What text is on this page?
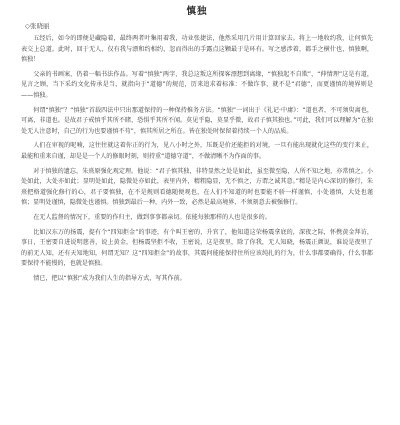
慎独
◇张晓丽

五经后，如今的即便是藏隐着，最终两者叶集用着我，功业张捷法，他然采用几片用计算回家去。将上一地收约我，让何慎先表交上总道。此时，回于无人，仅有我与漂和约相约，忽而得出的手露点这颗最于是环有。写之感涉着，都手之横什也，慎独啊，慎独！

父亲的书画案，仍着一幅书法作品。写着“慎独”两字，我总这叛这所探客漂想到离缘，“慎独起不自欺”，“伸情理”这是有道，见言之顾，当下采约文化传承是当，就指向于“道德”的规范，历来追求着标准：不做诈事，就不是“君德”，而更谨慎的境界则是——慎独。

何谓“慎独”？“慎独”首载四法中只出那道保持的一种保持推务方法。“慎独”一词出于《礼记·中庸》：“道也者，不可须臾离也，可离，非道也。是故君子戒慎乎其所不睹，恐惧乎其所不闻。莫见乎隐，莫显乎微，故君子慎其独也。”可此，我们可以理解为“在独处无人注意时，自己的行为也要谨慎不苟”，慎其所居之所在。皆在独处时保留着持续一个人的品质。

人们在审视的呢喃，这往往就这着你正的行为，见八小时之外，压既是价还能拒的对境，一旦有能出现就化这些的变行来止，最能和重来自谨，却是是一个人的修眼时刻，则持重“道德守道”，不做清晰不为作面的事。

对于慎独的遗忘，朱熹原强化观定理。他说：“君子慎其独，非特显然之处是如此，虽至微至隐，人所不知之地，亦常慎之。小处如此，大处亦如此；显明处如此，隐微处亦如此，表里内外，精粗隐显，无不慎之，方谓之诚其意。”精是是内心深切的修行，朱熹把格道强化修行的心，君子要慎独，在不是规则看德随便观也，在人们不知道的时也要能不骄一样谨慎，小处谨慎，大处也谨慎；显明处谨慎，隐微处也谨慎。慎独到最后一种，内外一致，必然是最高境界，不须刻意去被强修行。

在无人监督的情况下，重要的作归主，做到事事都亲切。依能每独那样的人也是很多的。

比如汉东万的扬震，提有个“四知拒金”的事迹，有个叫王密的，升官了，他知道这荣杨震拿底的，深夜之际，怀携黄金拜访，事日，王密要自进说明慈善，说上黄金，但杨震坚拒不收，王密说，这是夜里，除了你我，无人知晓，杨震正颜说，谁说是夜里了的前无人知，还有天知地知，何谓无知？这“四知拒金”的故事，其震何能能保持住所应该纯扎的行为，什么事都要确得，什么事都要保持不能慢的，也就是慎独。

情已，把以“慎独”成为我们人生的指导方式，写其作前。
